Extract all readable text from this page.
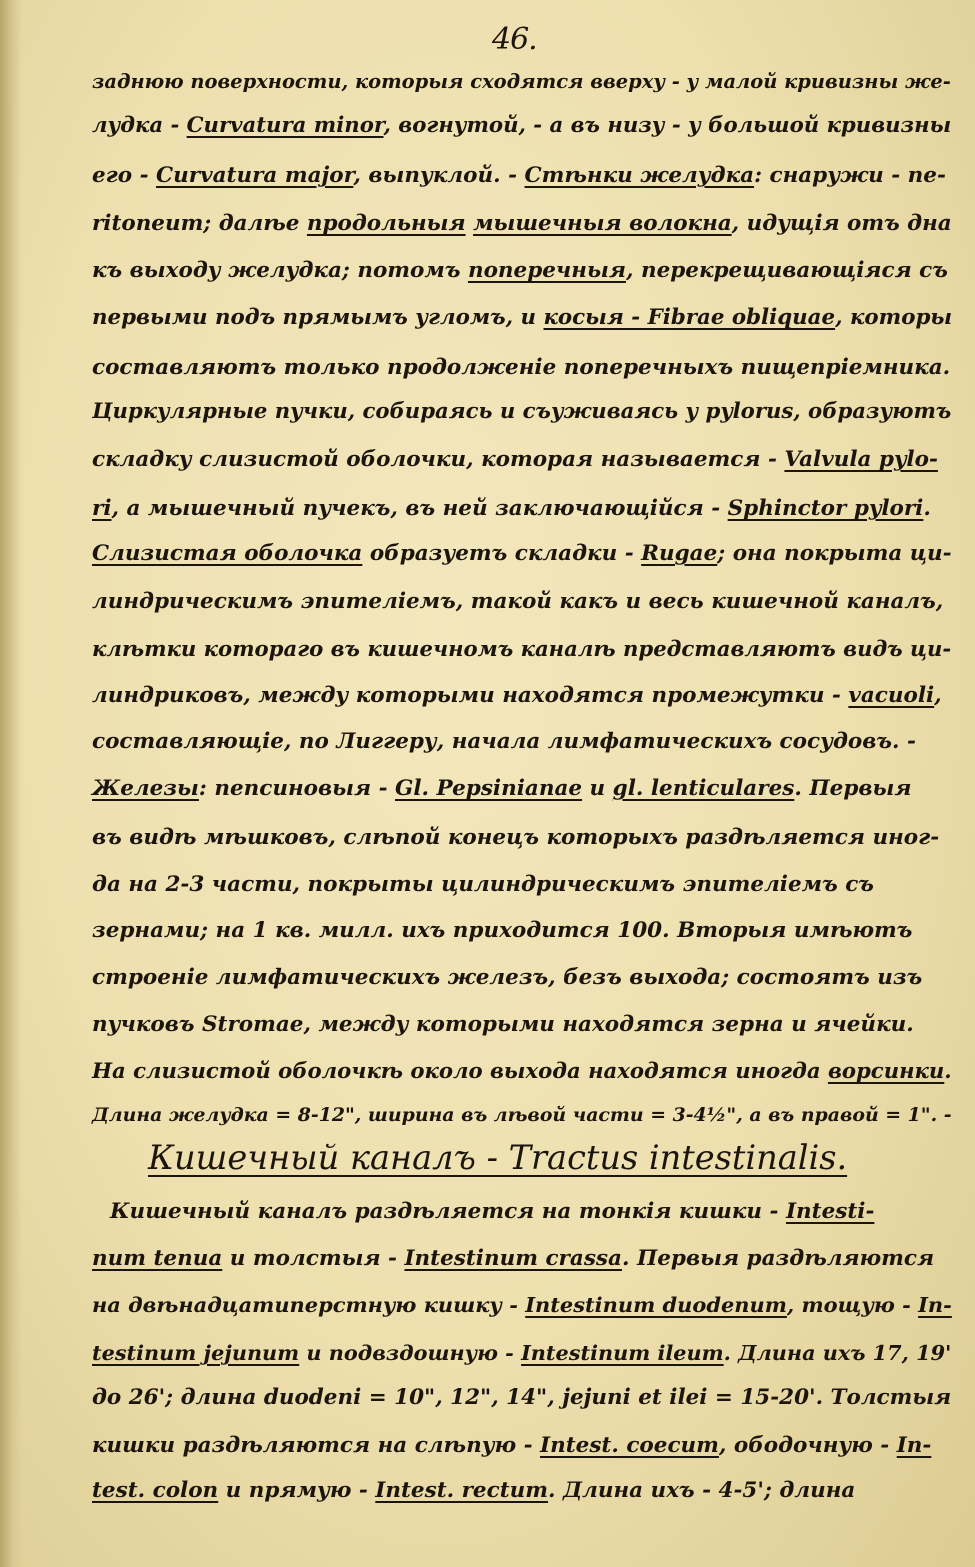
46.
заднюю поверхности, которыя сходятся вверху - у малой кривизны же-
лудка - Curvatura minor, вогнутой, - а въ низу - у большой кривизны
его - Curvatura major, выпуклой. - Стѣнки желудка: снаружи - пе-
ritoneum; далѣе продольныя мышечныя волокна, идущія отъ дна
къ выходу желудка; потомъ поперечныя, перекрещивающіяся съ
первыми подъ прямымъ угломъ, и косыя - Fibrae obliquae, которы
составляютъ только продолженіе поперечныхъ пищепріемника.
Циркулярные пучки, собираясь и съуживаясь у pylorus, образуютъ
складку слизистой оболочки, которая называется - Valvula pylo-
ri, а мышечный пучекъ, въ ней заключающійся - Sphinctor pylori.
Слизистая оболочка образуетъ складки - Rugae; она покрыта ци-
линдрическимъ эпителіемъ, такой какъ и весь кишечной каналъ,
клѣтки котораго въ кишечномъ каналѣ представляютъ видъ ци-
линдриковъ, между которыми находятся промежутки - vacuoli,
составляющіе, по Лиггеру, начала лимфатическихъ сосудовъ. -
Железы: пепсиновыя - Gl. Pepsinianae и gl. lenticulares. Первыя
въ видѣ мѣшковъ, слѣпой конецъ которыхъ раздѣляется иног-
да на 2-3 части, покрыты цилиндрическимъ эпителіемъ съ
зернами; на 1 кв. милл. ихъ приходится 100. Вторыя имѣютъ
строеніе лимфатическихъ железъ, безъ выхода; состоятъ изъ
пучковъ Stromae, между которыми находятся зерна и ячейки.
На слизистой оболочкѣ около выхода находятся иногда ворсинки.
Длина желудка = 8-12", ширина въ лѣвой части = 3-4½", а въ правой = 1". -
Кишечный каналъ раздѣляется на тонкія кишки - Intesti-
num tenua и толстыя - Intestinum crassa. Первыя раздѣляются
на двѣнадцатиперстную кишку - Intestinum duodenum, тощую - In-
testinum jejunum и подвздошную - Intestinum ileum. Длина ихъ 17, 19'
до 26'; длина duodeni = 10", 12", 14", jejuni et ilei = 15-20'. Толстыя
кишки раздѣляются на слѣпую - Intest. coecum, ободочную - In-
test. colon и прямую - Intest. rectum. Длина ихъ - 4-5'; длина
Кишечный каналъ - Tractus intestinalis.
